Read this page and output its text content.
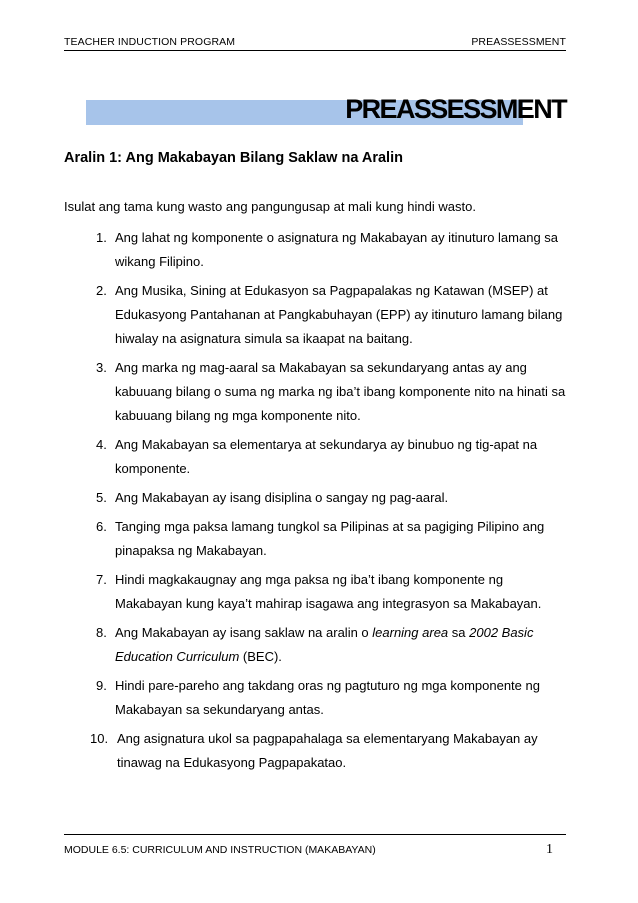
TEACHER INDUCTION PROGRAM	PREASSESSMENT
PREASSESSMENT
Aralin 1: Ang Makabayan Bilang Saklaw na Aralin
Isulat ang tama kung wasto ang pangungusap at mali kung hindi wasto.
1. Ang lahat ng komponente o asignatura ng Makabayan ay itinuturo lamang sa wikang Filipino.
2. Ang Musika, Sining at Edukasyon sa Pagpapalakas ng Katawan (MSEP) at Edukasyong Pantahanan at Pangkabuhayan (EPP) ay itinuturo lamang bilang hiwalay na asignatura simula sa ikaapat na baitang.
3. Ang marka ng mag-aaral sa Makabayan sa sekundaryang antas ay ang kabuuang bilang o suma ng marka ng iba’t ibang komponente nito na hinati sa kabuuang bilang ng mga komponente nito.
4. Ang Makabayan sa elementarya at sekundarya ay binubuo ng tig-apat na komponente.
5. Ang Makabayan ay isang disiplina o sangay ng pag-aaral.
6. Tanging mga paksa lamang tungkol sa Pilipinas at sa pagiging Pilipino ang pinapaksa ng Makabayan.
7. Hindi magkakaugnay ang mga paksa ng iba’t ibang komponente ng Makabayan kung kaya’t mahirap isagawa ang integrasyon sa Makabayan.
8. Ang Makabayan ay isang saklaw na aralin o learning area sa 2002 Basic Education Curriculum (BEC).
9. Hindi pare-pareho ang takdang oras ng pagtuturo ng mga komponente ng Makabayan sa sekundaryang antas.
10. Ang asignatura ukol sa pagpapahalaga sa elementaryang Makabayan ay tinawag na Edukasyong Pagpapakatao.
MODULE 6.5: CURRICULUM AND INSTRUCTION (MAKABAYAN)	1
